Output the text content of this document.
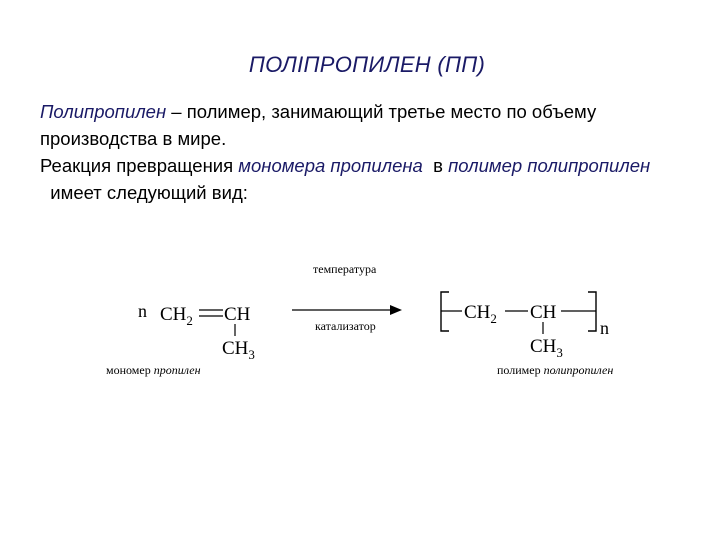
ПОЛІПРОПИЛЕН (ПП)
Полипропилен – полимер, занимающий третье место по объему производства в мире.
Реакция превращения мономера пропилена  в полимер полипропилен  имеет следующий вид:
n $CH_2$ CH
$CH_3$
мономер пропилен
температура
катализатор
$CH_2$ CH
$CH_3$
n
полимер полипропилен
